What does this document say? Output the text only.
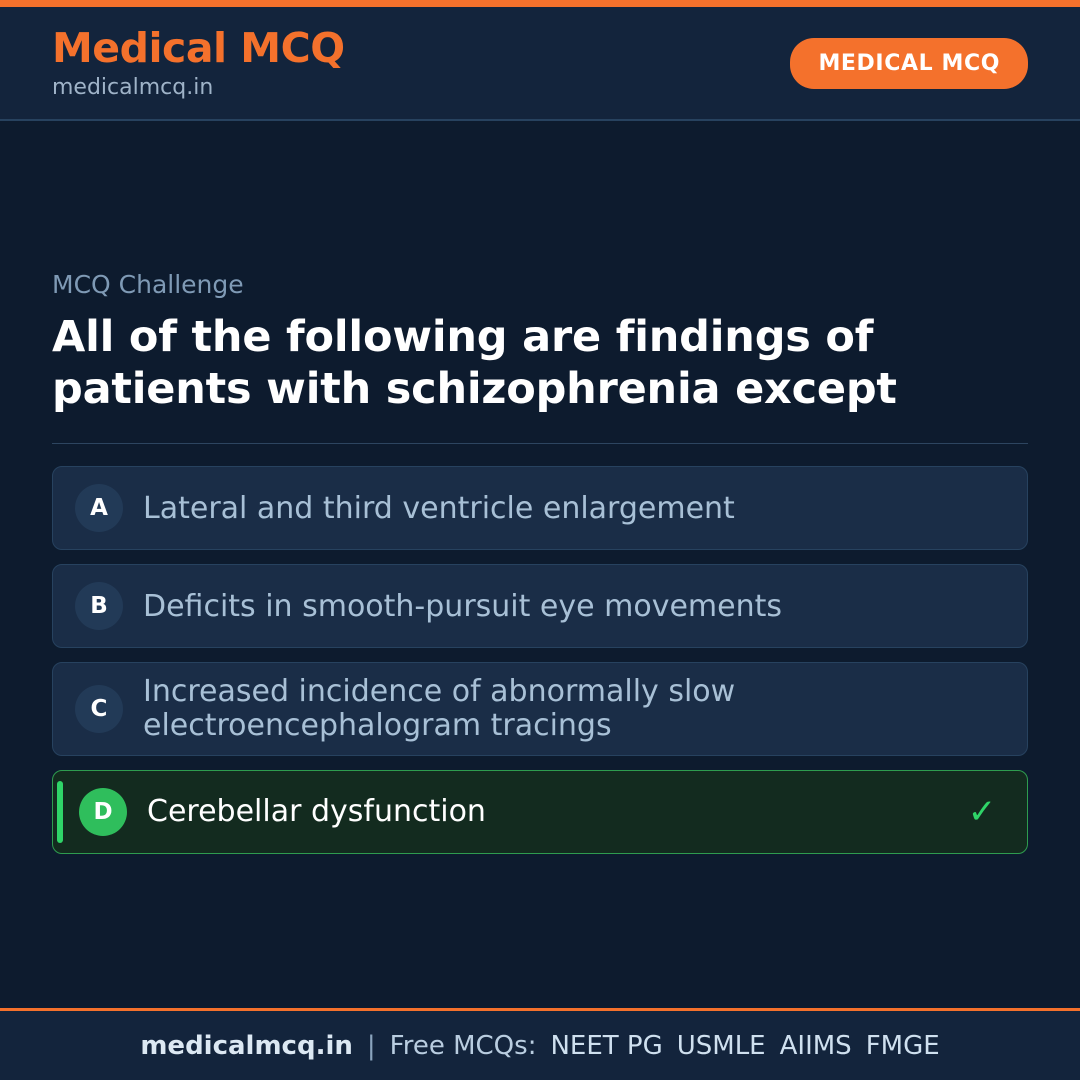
Medical MCQ
medicalmcq.in
MEDICAL MCQ
MCQ Challenge
All of the following are findings of patients with schizophrenia except
A	Lateral and third ventricle enlargement
B	Deficits in smooth-pursuit eye movements
C	Increased incidence of abnormally slow electroencephalogram tracings
D	Cerebellar dysfunction	✓
medicalmcq.in | Free MCQs: NEET PG USMLE AIIMS FMGE
